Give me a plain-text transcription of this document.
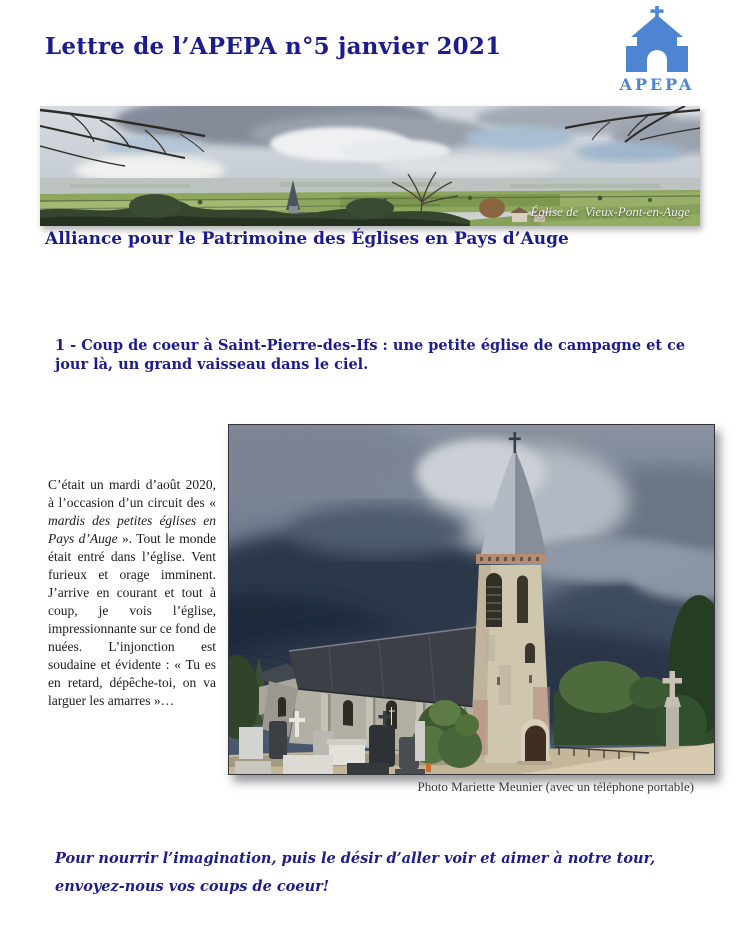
Lettre de l’APEPA n°5 janvier 2021
APEPA
Église de  Vieux-Pont-en-Auge
Alliance pour le Patrimoine des Églises en Pays d’Auge
1 - Coup de coeur à Saint-Pierre-des-Ifs : une petite église de campagne et ce jour là, un grand vaisseau dans le ciel.

C’était un mardi d’août 2020, à l’occasion d’un circuit des « mardis des petites églises en Pays d’Auge ». Tout le monde était entré dans l’église. Vent furieux et orage imminent. J’arrive en courant et tout à coup, je vois l’église, impressionnante sur ce fond de nuées. L’injonction est soudaine et évidente : « Tu es en retard, dépêche-toi, on va larguer les amarres »…

Photo Mariette Meunier (avec un téléphone portable)

Pour nourrir l’imagination, puis le désir d’aller voir et aimer à notre tour,

envoyez-nous vos coups de coeur!
